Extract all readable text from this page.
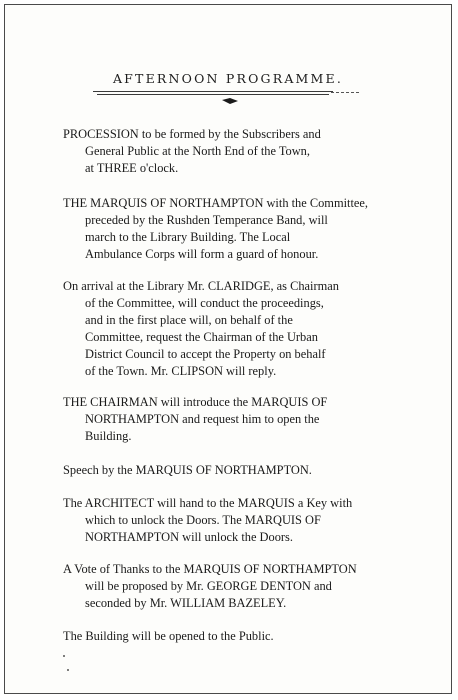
AFTERNOON PROGRAMME.
PROCESSION to be formed by the Subscribers and
General Public at the North End of the Town,
at THREE o'clock.
THE MARQUIS OF NORTHAMPTON with the Committee,
preceded by the Rushden Temperance Band, will
march to the Library Building. The Local
Ambulance Corps will form a guard of honour.
On arrival at the Library Mr. CLARIDGE, as Chairman
of the Committee, will conduct the proceedings,
and in the first place will, on behalf of the
Committee, request the Chairman of the Urban
District Council to accept the Property on behalf
of the Town. Mr. CLIPSON will reply.
THE CHAIRMAN will introduce the MARQUIS OF
NORTHAMPTON and request him to open the
Building.
Speech by the MARQUIS OF NORTHAMPTON.
The ARCHITECT will hand to the MARQUIS a Key with
which to unlock the Doors. The MARQUIS OF
NORTHAMPTON will unlock the Doors.
A Vote of Thanks to the MARQUIS OF NORTHAMPTON
will be proposed by Mr. GEORGE DENTON and
seconded by Mr. WILLIAM BAZELEY.
The Building will be opened to the Public.
